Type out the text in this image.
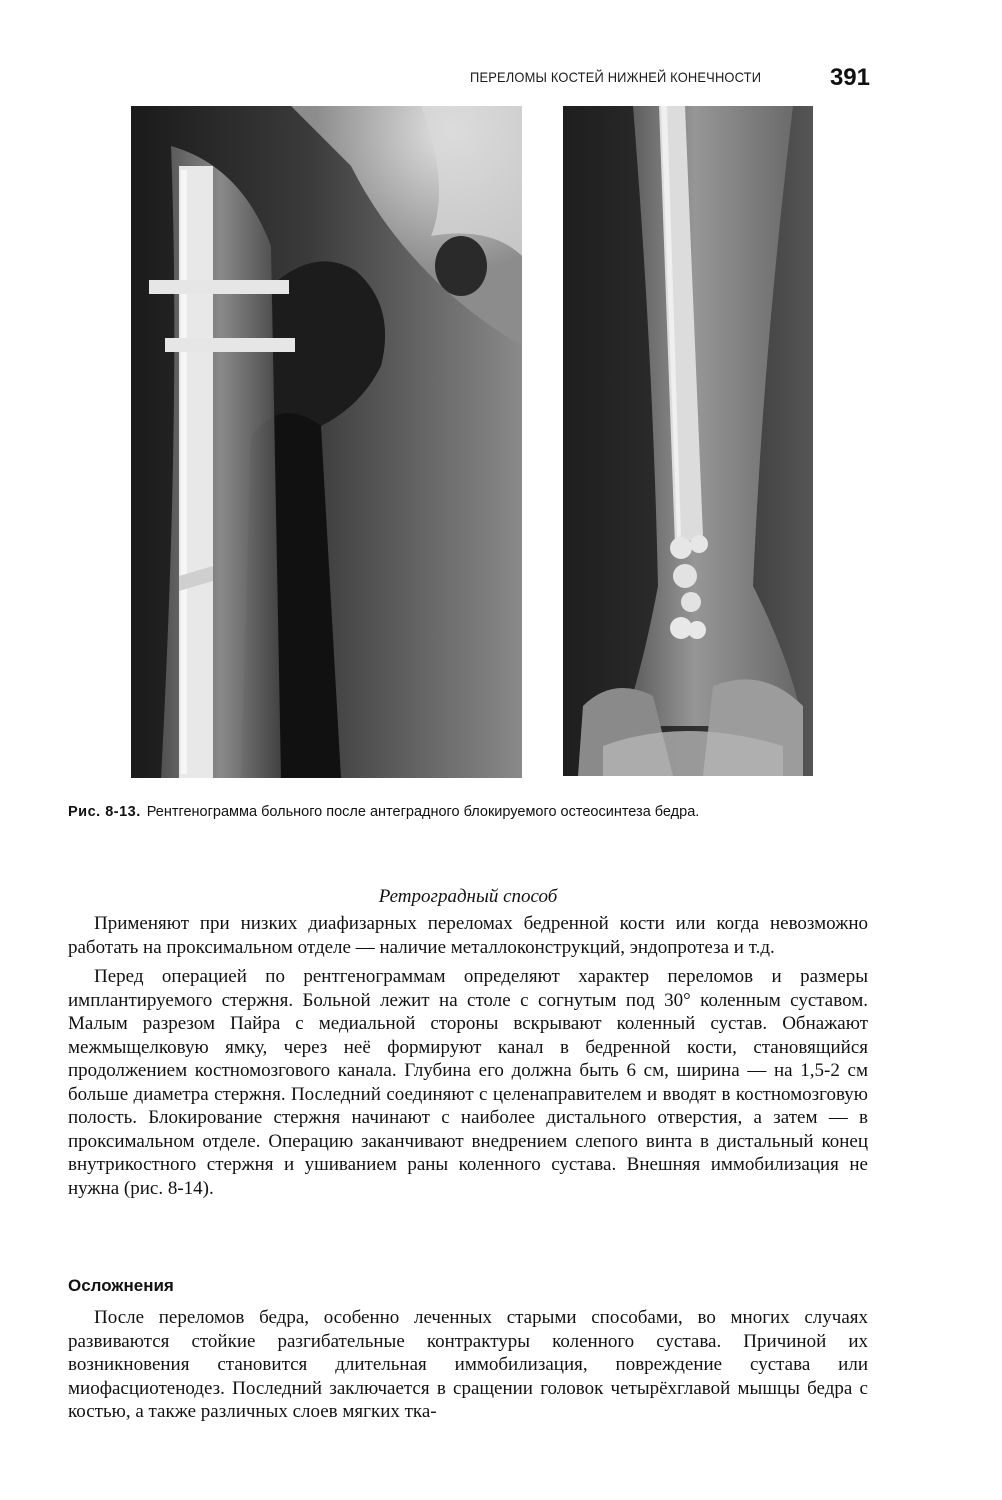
ПЕРЕЛОМЫ КОСТЕЙ НИЖНЕЙ КОНЕЧНОСТИ	391
Рис. 8-13. Рентгенограмма больного после антеградного блокируемого остеосинтеза бедра.
Ретроградный способ

Применяют при низких диафизарных переломах бедренной кости или когда невозможно работать на проксимальном отделе — наличие металлоконструкций, эндопротеза и т.д.

Перед операцией по рентгенограммам определяют характер переломов и размеры имплантируемого стержня. Больной лежит на столе с согнутым под 30° коленным суставом. Малым разрезом Пайра с медиальной стороны вскрывают коленный сустав. Обнажают межмыщелковую ямку, через неё формируют канал в бедренной кости, становящийся продолжением костномозгового канала. Глубина его должна быть 6 см, ширина — на 1,5-2 см больше диаметра стержня. Последний соединяют с целенаправителем и вводят в костномозговую полость. Блокирование стержня начинают с наиболее дистального отверстия, а затем — в проксимальном отделе. Операцию заканчивают внедрением слепого винта в дистальный конец внутрикостного стержня и ушиванием раны коленного сустава. Внешняя иммобилизация не нужна (рис. 8-14).

Осложнения

После переломов бедра, особенно леченных старыми способами, во многих случаях развиваются стойкие разгибательные контрактуры коленного сустава. Причиной их возникновения становится длительная иммобилизация, повреждение сустава или миофасциотенодез. Последний заключается в сращении головок четырёхглавой мышцы бедра с костью, а также различных слоев мягких тка-
